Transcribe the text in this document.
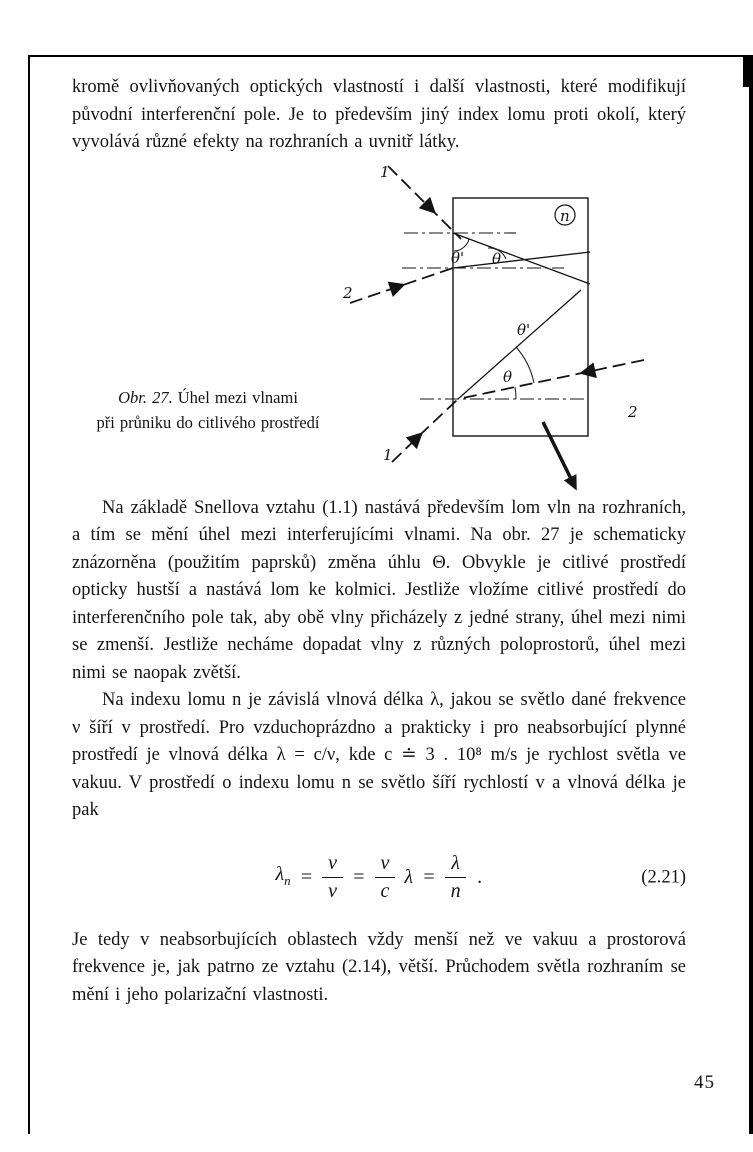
kromě ovlivňovaných optických vlastností i další vlastnosti, které modifikují původní interferenční pole. Je to především jiný index lomu proti okolí, který vyvolává různé efekty na rozhraních a uvnitř látky.

n
1
2
θ' θ
1
2
θ'
θ
Obr. 27. Úhel mezi vlnami
při průniku do citlivého prostředí

Na základě Snellova vztahu (1.1) nastává především lom vln na rozhraních, a tím se mění úhel mezi interferujícími vlnami. Na obr. 27 je schematicky znázorněna (použitím paprsků) změna úhlu Θ. Obvykle je citlivé prostředí opticky hustší a nastává lom ke kolmici. Jestliže vložíme citlivé prostředí do interferenčního pole tak, aby obě vlny přicházely z jedné strany, úhel mezi nimi se zmenší. Jestliže necháme dopadat vlny z různých poloprostorů, úhel mezi nimi se naopak zvětší.

Na indexu lomu n je závislá vlnová délka λ, jakou se světlo dané frekvence ν šíří v prostředí. Pro vzduchoprázdno a prakticky i pro neabsorbující plynné prostředí je vlnová délka λ = c/ν, kde c ≐ 3 . 10⁸ m/s je rychlost světla ve vakuu. V prostředí o indexu lomu n se světlo šíří rychlostí v a vlnová délka je pak

$\lambda_n = \frac{v}{\nu} = \frac{v}{c}$ $\lambda = \frac{\lambda}{n}$ .	(2.21)

Je tedy v neabsorbujících oblastech vždy menší než ve vakuu a prostorová frekvence je, jak patrno ze vztahu (2.14), větší. Průchodem světla rozhraním se mění i jeho polarizační vlastnosti.

45
